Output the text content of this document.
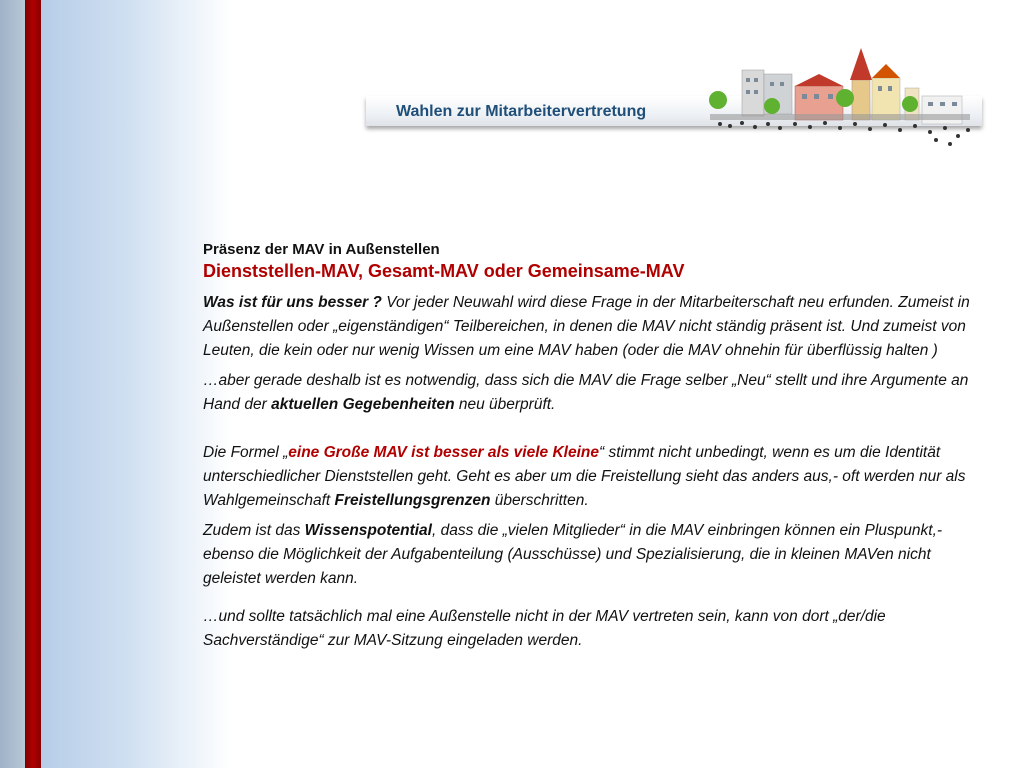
Wahlen zur Mitarbeitervertretung

Präsenz der MAV in Außenstellen

Dienststellen-MAV, Gesamt-MAV oder Gemeinsame-MAV

Was ist für uns besser ? Vor jeder Neuwahl wird diese Frage in der Mitarbeiterschaft neu erfunden. Zumeist in Außenstellen oder „eigenständigen“ Teilbereichen, in denen die MAV nicht ständig präsent ist. Und zumeist von Leuten, die kein oder nur wenig Wissen um eine MAV haben (oder die MAV ohnehin für überflüssig halten )

…aber gerade deshalb ist es notwendig, dass sich die MAV die Frage selber „Neu“ stellt und ihre Argumente an Hand der aktuellen Gegebenheiten neu überprüft.

Die Formel „eine Große MAV ist besser als viele Kleine“ stimmt nicht unbedingt, wenn es um die Identität unterschiedlicher Dienststellen geht. Geht es aber um die Freistellung sieht das anders aus,- oft werden nur als Wahlgemeinschaft Freistellungsgrenzen überschritten.

Zudem ist das Wissenspotential, dass die „vielen Mitglieder“ in die MAV einbringen können ein Pluspunkt,- ebenso die Möglichkeit der Aufgabenteilung (Ausschüsse) und Spezialisierung, die in kleinen MAVen nicht geleistet werden kann.

…und sollte tatsächlich mal eine Außenstelle nicht in der MAV vertreten sein, kann von dort „der/die Sachverständige“ zur MAV-Sitzung eingeladen werden.
